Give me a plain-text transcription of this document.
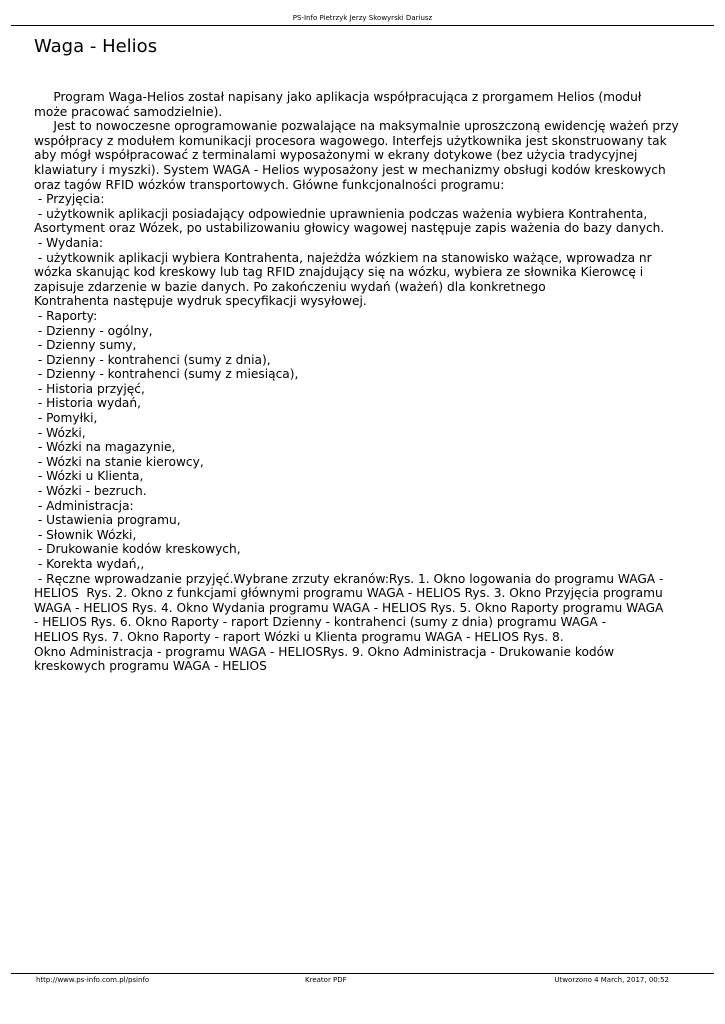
PS-Info Pietrzyk Jerzy Skowyrski Dariusz
Waga - Helios
Program Waga-Helios został napisany jako aplikacja współpracująca z prorgamem Helios (moduł
może pracować samodzielnie).
Jest to nowoczesne oprogramowanie pozwalające na maksymalnie uproszczoną ewidencję ważeń przy
współpracy z modułem komunikacji procesora wagowego. Interfejs użytkownika jest skonstruowany tak
aby mógł współpracować z terminalami wyposażonymi w ekrany dotykowe (bez użycia tradycyjnej
klawiatury i myszki). System WAGA - Helios wyposażony jest w mechanizmy obsługi kodów kreskowych
oraz tagów RFID wózków transportowych. Główne funkcjonalności programu:
- Przyjęcia:
- użytkownik aplikacji posiadający odpowiednie uprawnienia podczas ważenia wybiera Kontrahenta,
Asortyment oraz Wózek, po ustabilizowaniu głowicy wagowej następuje zapis ważenia do bazy danych.
- Wydania:
- użytkownik aplikacji wybiera Kontrahenta, najeżdża wózkiem na stanowisko ważące, wprowadza nr
wózka skanując kod kreskowy lub tag RFID znajdujący się na wózku, wybiera ze słownika Kierowcę i
zapisuje zdarzenie w bazie danych. Po zakończeniu wydań (ważeń) dla konkretnego
Kontrahenta następuje wydruk specyfikacji wysyłowej.
- Raporty:
- Dzienny - ogólny,
- Dzienny sumy,
- Dzienny - kontrahenci (sumy z dnia),
- Dzienny - kontrahenci (sumy z miesiąca),
- Historia przyjęć,
- Historia wydań,
- Pomyłki,
- Wózki,
- Wózki na magazynie,
- Wózki na stanie kierowcy,
- Wózki u Klienta,
- Wózki - bezruch.
- Administracja:
- Ustawienia programu,
- Słownik Wózki,
- Drukowanie kodów kreskowych,
- Korekta wydań,,
- Ręczne wprowadzanie przyjęć.Wybrane zrzuty ekranów:Rys. 1. Okno logowania do programu WAGA -
HELIOS  Rys. 2. Okno z funkcjami głównymi programu WAGA - HELIOS Rys. 3. Okno Przyjęcia programu
WAGA - HELIOS Rys. 4. Okno Wydania programu WAGA - HELIOS Rys. 5. Okno Raporty programu WAGA
- HELIOS Rys. 6. Okno Raporty - raport Dzienny - kontrahenci (sumy z dnia) programu WAGA -
HELIOS Rys. 7. Okno Raporty - raport Wózki u Klienta programu WAGA - HELIOS Rys. 8.
Okno Administracja - programu WAGA - HELIOSRys. 9. Okno Administracja - Drukowanie kodów
kreskowych programu WAGA - HELIOS
http://www.ps-info.com.pl/psinfo	Kreator PDF	Utworzono 4 March, 2017, 00:52
